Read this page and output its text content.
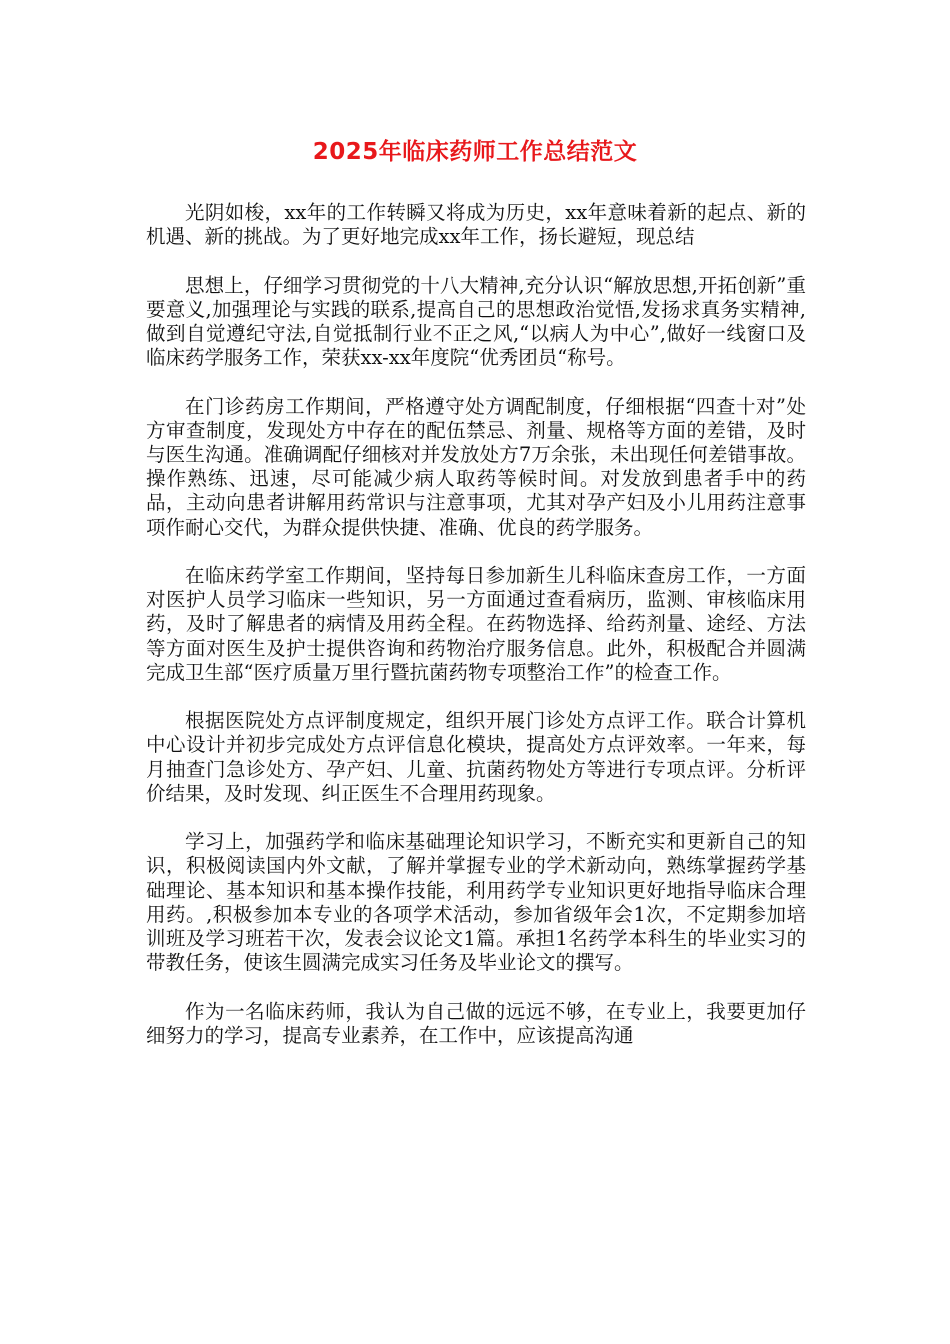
2025年临床药师工作总结范文

光阴如梭，xx年的工作转瞬又将成为历史，xx年意味着新的起点、新的机遇、新的挑战。为了更好地完成xx年工作，扬长避短，现总结

思想上，仔细学习贯彻党的十八大精神,充分认识“解放思想,开拓创新”重要意义,加强理论与实践的联系,提高自己的思想政治觉悟,发扬求真务实精神,做到自觉遵纪守法,自觉抵制行业不正之风,“以病人为中心”,做好一线窗口及临床药学服务工作，荣获xx-xx年度院“优秀团员“称号。

在门诊药房工作期间，严格遵守处方调配制度，仔细根据“四查十对”处方审查制度，发现处方中存在的配伍禁忌、剂量、规格等方面的差错，及时与医生沟通。准确调配仔细核对并发放处方7万余张，未出现任何差错事故。操作熟练、迅速，尽可能减少病人取药等候时间。对发放到患者手中的药品，主动向患者讲解用药常识与注意事项，尤其对孕产妇及小儿用药注意事项作耐心交代，为群众提供快捷、准确、优良的药学服务。

在临床药学室工作期间，坚持每日参加新生儿科临床查房工作，一方面对医护人员学习临床一些知识，另一方面通过查看病历，监测、审核临床用药，及时了解患者的病情及用药全程。在药物选择、给药剂量、途经、方法等方面对医生及护士提供咨询和药物治疗服务信息。此外，积极配合并圆满完成卫生部“医疗质量万里行暨抗菌药物专项整治工作”的检查工作。

根据医院处方点评制度规定，组织开展门诊处方点评工作。联合计算机中心设计并初步完成处方点评信息化模块，提高处方点评效率。一年来，每月抽查门急诊处方、孕产妇、儿童、抗菌药物处方等进行专项点评。分析评价结果，及时发现、纠正医生不合理用药现象。

学习上，加强药学和临床基础理论知识学习，不断充实和更新自己的知识，积极阅读国内外文献，了解并掌握专业的学术新动向，熟练掌握药学基础理论、基本知识和基本操作技能，利用药学专业知识更好地指导临床合理用药。,积极参加本专业的各项学术活动，参加省级年会1次，不定期参加培训班及学习班若干次，发表会议论文1篇。承担1名药学本科生的毕业实习的带教任务，使该生圆满完成实习任务及毕业论文的撰写。

作为一名临床药师，我认为自己做的远远不够，在专业上，我要更加仔细努力的学习，提高专业素养，在工作中，应该提高沟通
